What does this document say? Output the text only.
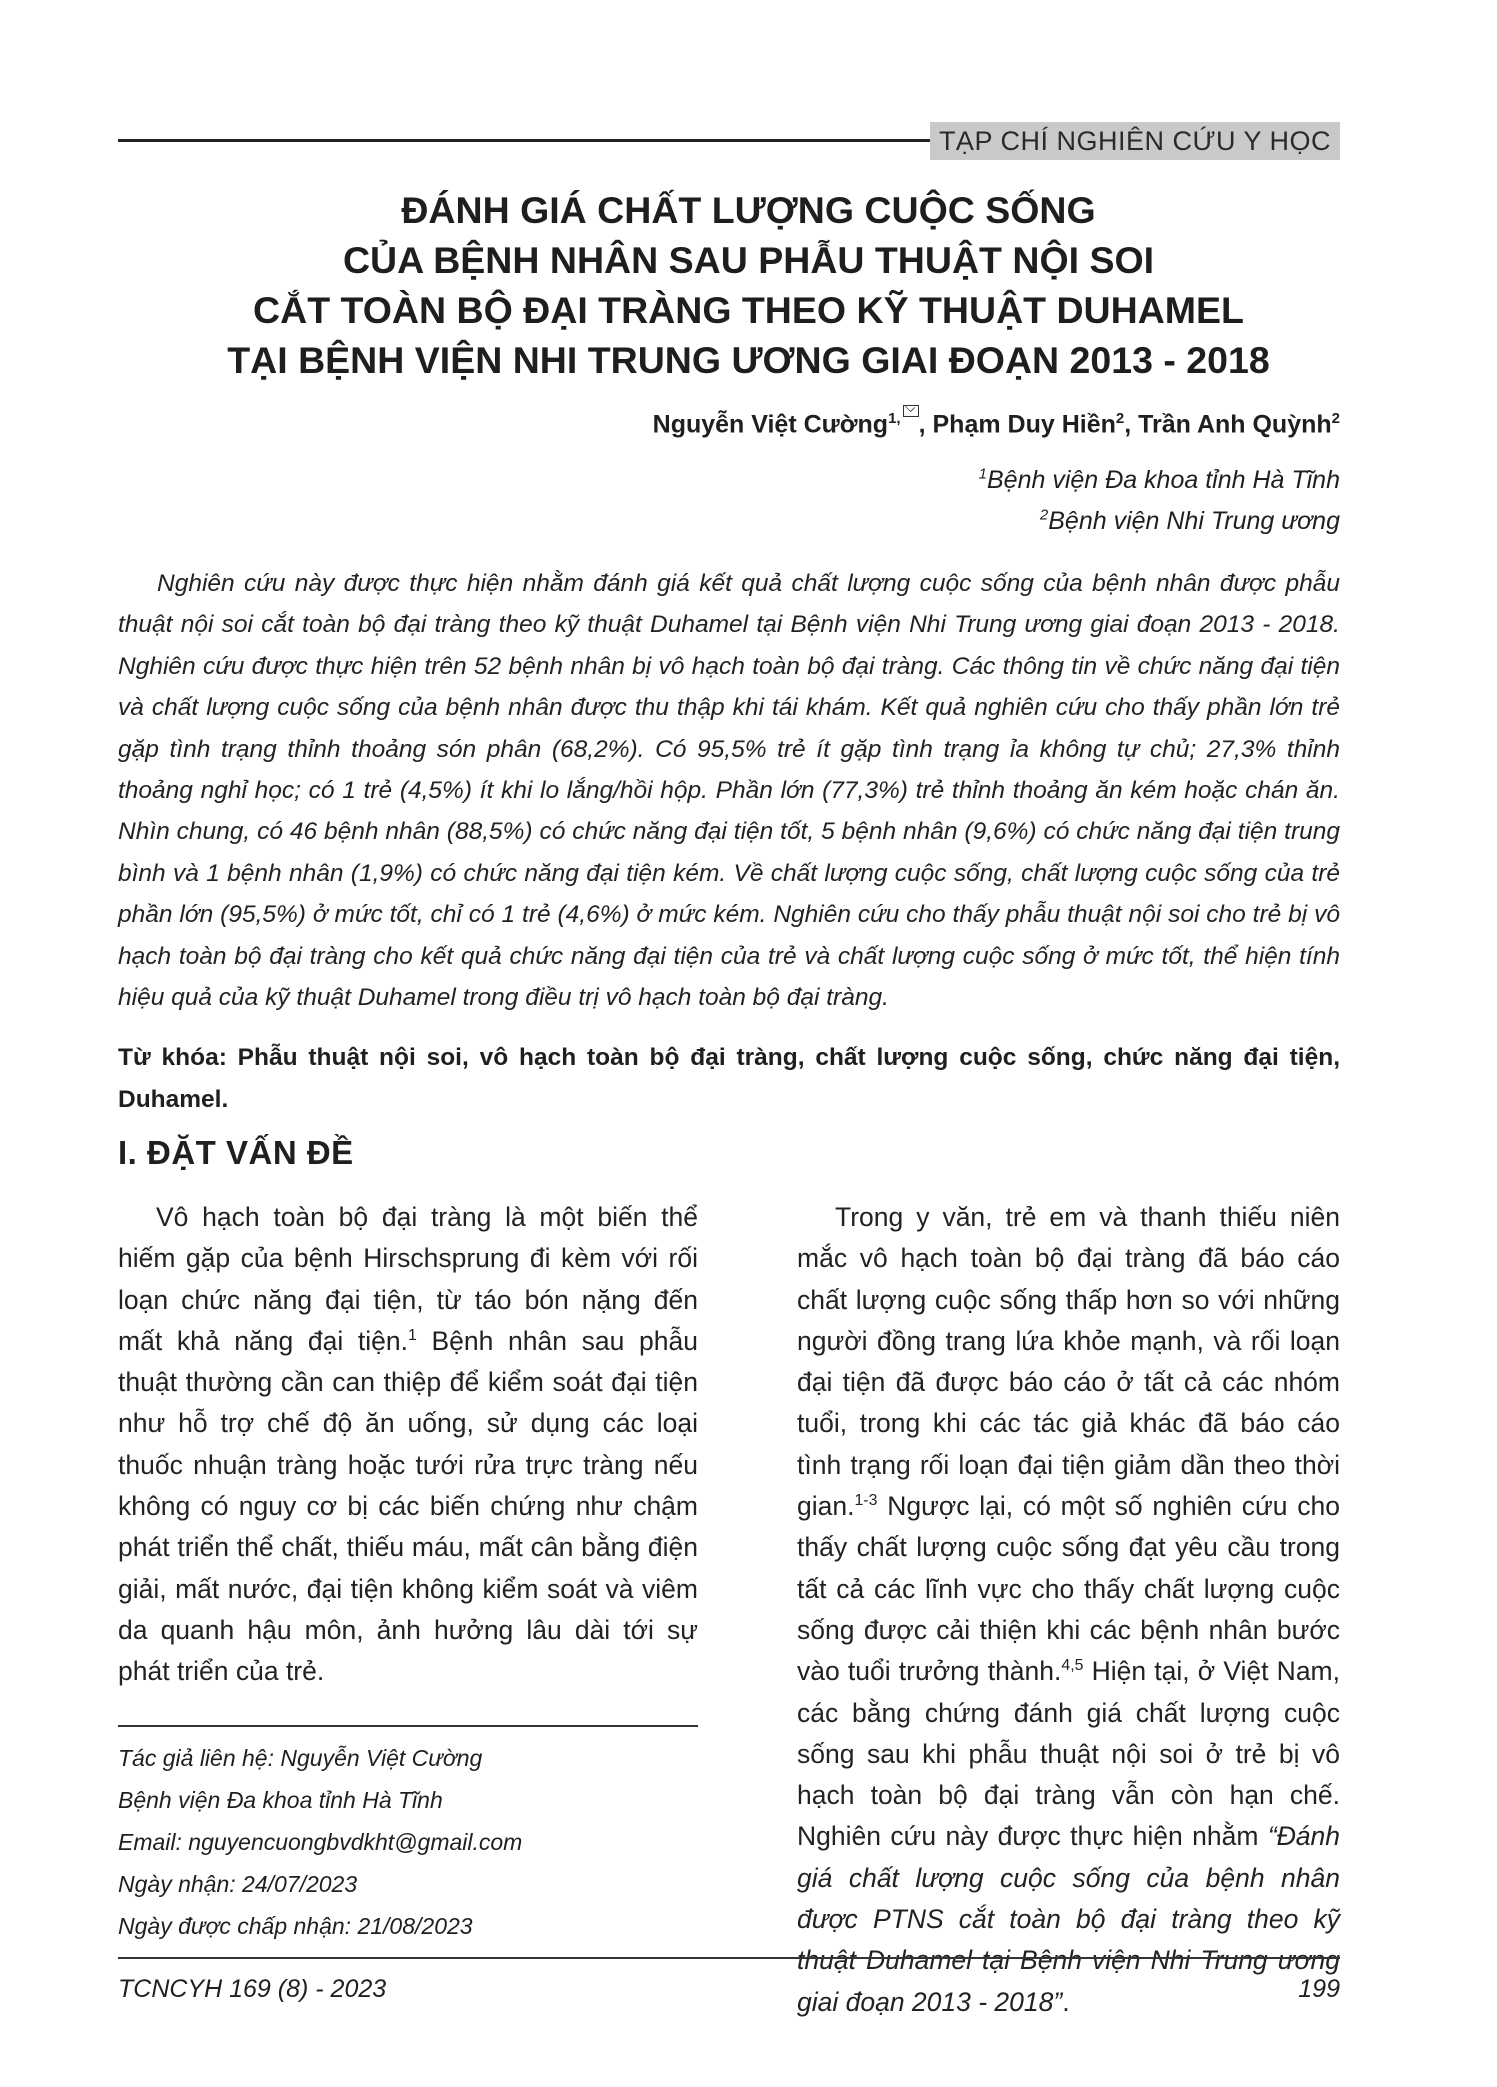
TẠP CHÍ NGHIÊN CỨU Y HỌC
ĐÁNH GIÁ CHẤT LƯỢNG CUỘC SỐNG
CỦA BỆNH NHÂN SAU PHẪU THUẬT NỘI SOI
CẮT TOÀN BỘ ĐẠI TRÀNG THEO KỸ THUẬT DUHAMEL
TẠI BỆNH VIỆN NHI TRUNG ƯƠNG GIAI ĐOẠN 2013 - 2018
Nguyễn Việt Cường$^{1,}$ , Phạm Duy Hiền$^2$, Trần Anh Quỳnh$^2$
$^1$Bệnh viện Đa khoa tỉnh Hà Tĩnh
$^2$Bệnh viện Nhi Trung ương

Nghiên cứu này được thực hiện nhằm đánh giá kết quả chất lượng cuộc sống của bệnh nhân được phẫu thuật nội soi cắt toàn bộ đại tràng theo kỹ thuật Duhamel tại Bệnh viện Nhi Trung ương giai đoạn 2013 - 2018. Nghiên cứu được thực hiện trên 52 bệnh nhân bị vô hạch toàn bộ đại tràng. Các thông tin về chức năng đại tiện và chất lượng cuộc sống của bệnh nhân được thu thập khi tái khám. Kết quả nghiên cứu cho thấy phần lớn trẻ gặp tình trạng thỉnh thoảng són phân (68,2%). Có 95,5% trẻ ít gặp tình trạng ỉa không tự chủ; 27,3% thỉnh thoảng nghỉ học; có 1 trẻ (4,5%) ít khi lo lắng/hồi hộp. Phần lớn (77,3%) trẻ thỉnh thoảng ăn kém hoặc chán ăn. Nhìn chung, có 46 bệnh nhân (88,5%) có chức năng đại tiện tốt, 5 bệnh nhân (9,6%) có chức năng đại tiện trung bình và 1 bệnh nhân (1,9%) có chức năng đại tiện kém. Về chất lượng cuộc sống, chất lượng cuộc sống của trẻ phần lớn (95,5%) ở mức tốt, chỉ có 1 trẻ (4,6%) ở mức kém. Nghiên cứu cho thấy phẫu thuật nội soi cho trẻ bị vô hạch toàn bộ đại tràng cho kết quả chức năng đại tiện của trẻ và chất lượng cuộc sống ở mức tốt, thể hiện tính hiệu quả của kỹ thuật Duhamel trong điều trị vô hạch toàn bộ đại tràng.

Từ khóa: Phẫu thuật nội soi, vô hạch toàn bộ đại tràng, chất lượng cuộc sống, chức năng đại tiện, Duhamel.

I. ĐẶT VẤN ĐỀ

Vô hạch toàn bộ đại tràng là một biến thể hiếm gặp của bệnh Hirschsprung đi kèm với rối loạn chức năng đại tiện, từ táo bón nặng đến mất khả năng đại tiện.$^1$ Bệnh nhân sau phẫu thuật thường cần can thiệp để kiểm soát đại tiện như hỗ trợ chế độ ăn uống, sử dụng các loại thuốc nhuận tràng hoặc tưới rửa trực tràng nếu không có nguy cơ bị các biến chứng như chậm phát triển thể chất, thiếu máu, mất cân bằng điện giải, mất nước, đại tiện không kiểm soát và viêm da quanh hậu môn, ảnh hưởng lâu dài tới sự phát triển của trẻ.

Trong y văn, trẻ em và thanh thiếu niên mắc vô hạch toàn bộ đại tràng đã báo cáo chất lượng cuộc sống thấp hơn so với những người đồng trang lứa khỏe mạnh, và rối loạn đại tiện đã được báo cáo ở tất cả các nhóm tuổi, trong khi các tác giả khác đã báo cáo tình trạng rối loạn đại tiện giảm dần theo thời gian.$^{1-3}$ Ngược lại, có một số nghiên cứu cho thấy chất lượng cuộc sống đạt yêu cầu trong tất cả các lĩnh vực cho thấy chất lượng cuộc sống được cải thiện khi các bệnh nhân bước vào tuổi trưởng thành.$^{4,5}$ Hiện tại, ở Việt Nam, các bằng chứng đánh giá chất lượng cuộc sống sau khi phẫu thuật nội soi ở trẻ bị vô hạch toàn bộ đại tràng vẫn còn hạn chế. Nghiên cứu này được thực hiện nhằm “Đánh giá chất lượng cuộc sống của bệnh nhân được PTNS cắt toàn bộ đại tràng theo kỹ thuật Duhamel tại Bệnh viện Nhi Trung ương giai đoạn 2013 - 2018”.

Tác giả liên hệ: Nguyễn Việt Cường
Bệnh viện Đa khoa tỉnh Hà Tĩnh
Email: nguyencuongbvdkht@gmail.com
Ngày nhận: 24/07/2023
Ngày được chấp nhận: 21/08/2023
TCNCYH 169 (8) - 2023	199
